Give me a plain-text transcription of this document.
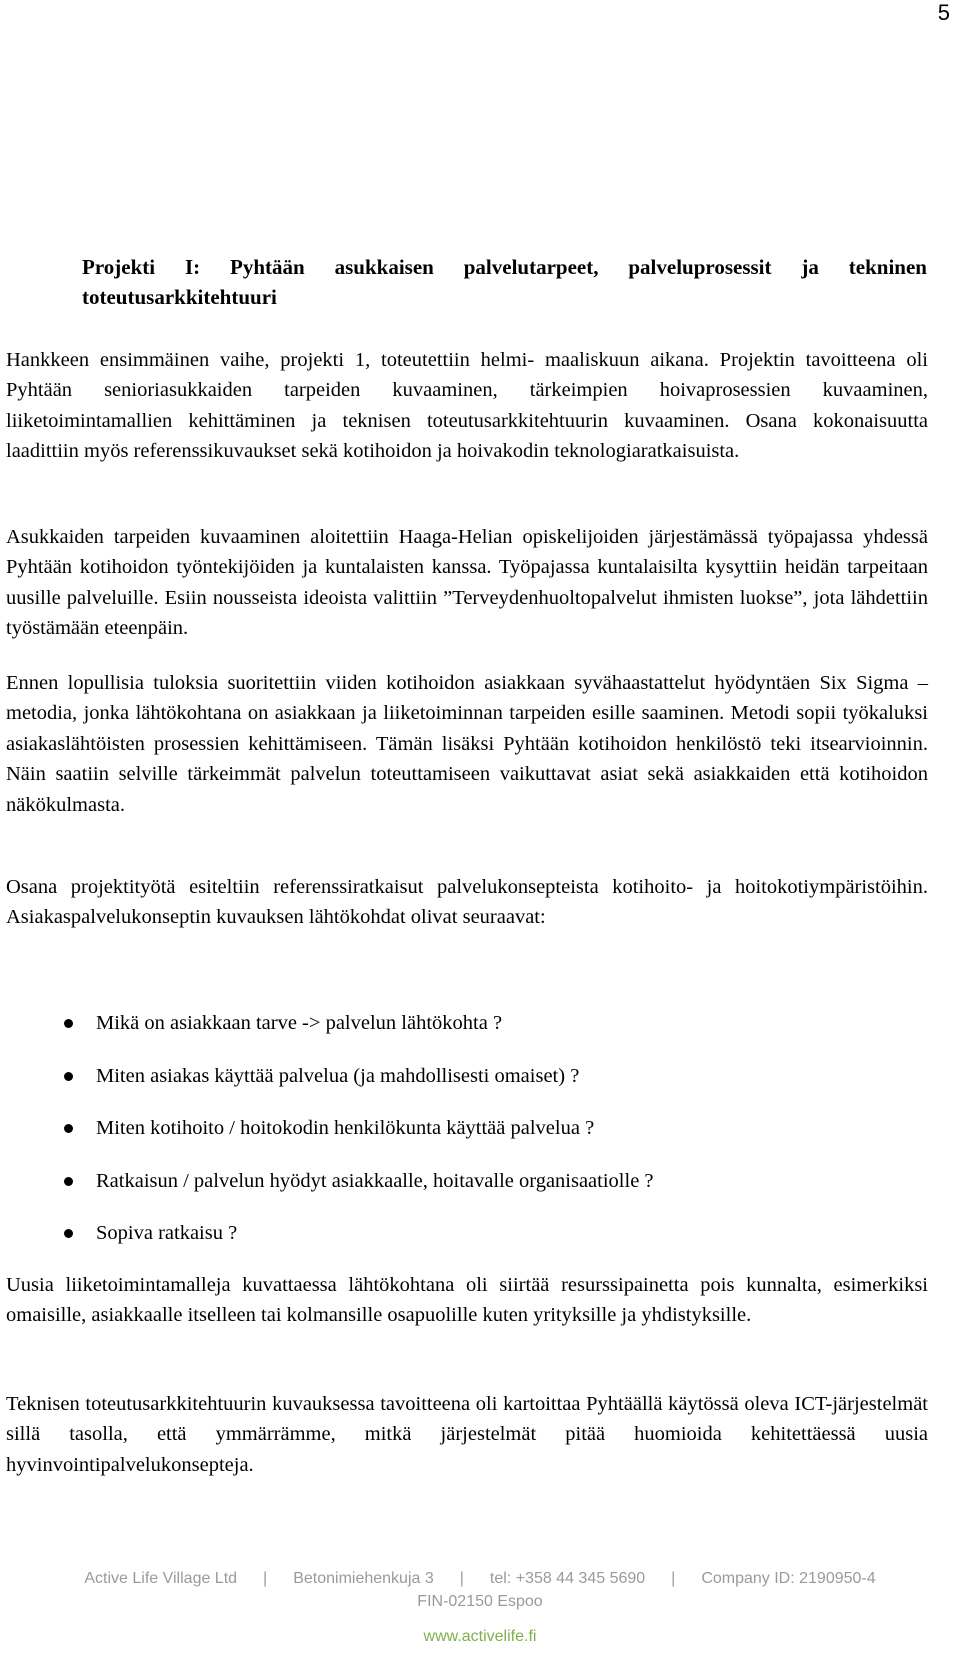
5
Projekti I: Pyhtään asukkaisen palvelutarpeet, palveluprosessit ja tekninen toteutusarkkitehtuuri

Hankkeen ensimmäinen vaihe, projekti 1, toteutettiin helmi- maaliskuun aikana. Projektin tavoitteena oli Pyhtään senioriasukkaiden tarpeiden kuvaaminen, tärkeimpien hoivaprosessien kuvaaminen, liiketoimintamallien kehittäminen ja teknisen toteutusarkkitehtuurin kuvaaminen. Osana kokonaisuutta laadittiin myös referenssikuvaukset sekä kotihoidon ja hoivakodin teknologiaratkaisuista.

Asukkaiden tarpeiden kuvaaminen aloitettiin Haaga-Helian opiskelijoiden järjestämässä työpajassa yhdessä Pyhtään kotihoidon työntekijöiden ja kuntalaisten kanssa. Työpajassa kuntalaisilta kysyttiin heidän tarpeitaan uusille palveluille. Esiin nousseista ideoista valittiin ”Terveydenhuoltopalvelut ihmisten luokse”, jota lähdettiin työstämään eteenpäin.

Ennen lopullisia tuloksia suoritettiin viiden kotihoidon asiakkaan syvähaastattelut hyödyntäen Six Sigma –metodia, jonka lähtökohtana on asiakkaan ja liiketoiminnan tarpeiden esille saaminen. Metodi sopii työkaluksi asiakaslähtöisten prosessien kehittämiseen. Tämän lisäksi Pyhtään kotihoidon henkilöstö teki itsearvioinnin. Näin saatiin selville tärkeimmät palvelun toteuttamiseen vaikuttavat asiat sekä asiakkaiden että kotihoidon näkökulmasta.

Osana projektityötä esiteltiin referenssiratkaisut palvelukonsepteista kotihoito- ja hoitokotiympäristöihin. Asiakaspalvelukonseptin kuvauksen lähtökohdat olivat seuraavat:

Mikä on asiakkaan tarve -> palvelun lähtökohta ?
Miten asiakas käyttää palvelua (ja mahdollisesti omaiset) ?
Miten kotihoito / hoitokodin henkilökunta käyttää palvelua ?
Ratkaisun / palvelun hyödyt asiakkaalle, hoitavalle organisaatiolle ?
Sopiva ratkaisu ?

Uusia liiketoimintamalleja kuvattaessa lähtökohtana oli siirtää resurssipainetta pois kunnalta, esimerkiksi omaisille, asiakkaalle itselleen tai kolmansille osapuolille kuten yrityksille ja yhdistyksille.

Teknisen toteutusarkkitehtuurin kuvauksessa tavoitteena oli kartoittaa Pyhtäällä käytössä oleva ICT-järjestelmät sillä tasolla, että ymmärrämme, mitkä järjestelmät pitää huomioida kehitettäessä uusia hyvinvointipalvelukonsepteja.

Active Life Village Ltd | Betonimiehenkuja 3 | tel: +358 44 345 5690 | Company ID: 2190950-4
FIN-02150 Espoo
www.activelife.fi
